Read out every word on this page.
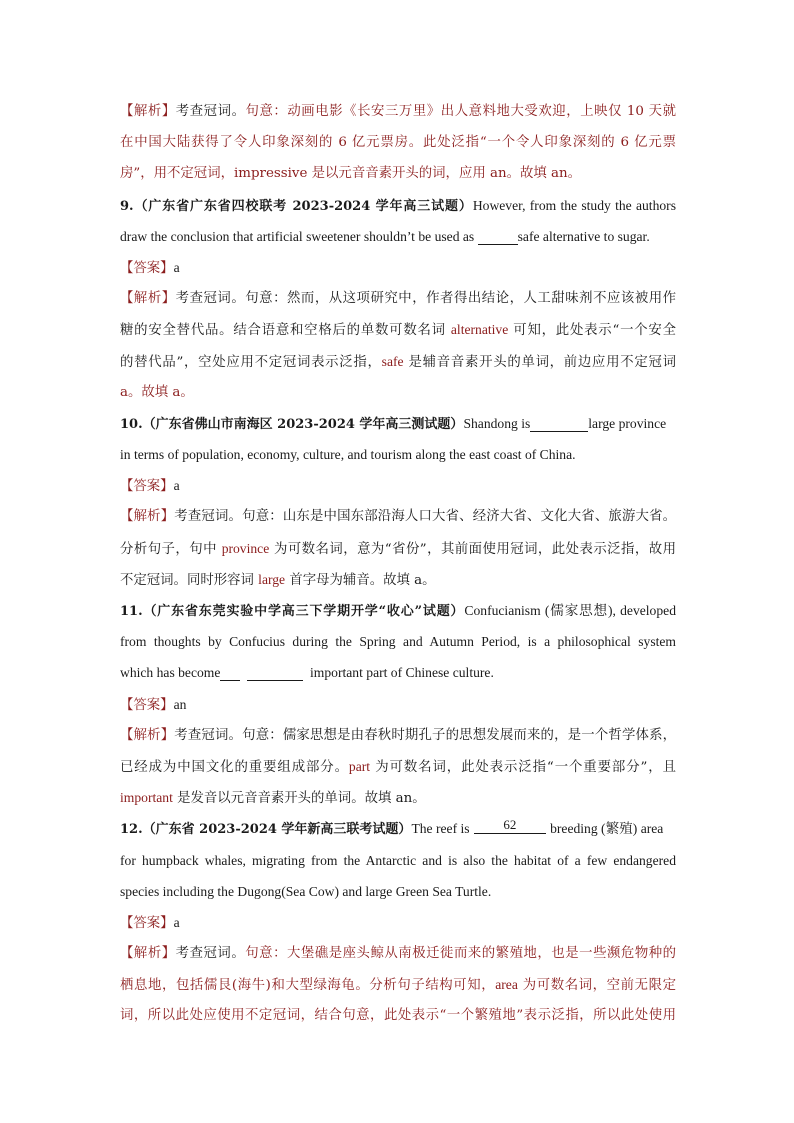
【解析】考查冠词。句意：动画电影《长安三万里》出人意料地大受欢迎，上映仅 10 天就
在中国大陆获得了令人印象深刻的 6 亿元票房。此处泛指“一个令人印象深刻的 6 亿元票
房”，用不定冠词，impressive 是以元音音素开头的词，应用 an。故填 an。
9.（广东省广东省四校联考 2023-2024 学年高三试题）However, from the study the authors
draw the conclusion that artificial sweetener shouldn’t be used as	safe alternative to sugar.
【答案】a
【解析】考查冠词。句意：然而，从这项研究中，作者得出结论，人工甜味剂不应该被用作
糖的安全替代品。结合语意和空格后的单数可数名词 alternative 可知，此处表示“一个安全
的替代品”，空处应用不定冠词表示泛指，safe 是辅音音素开头的单词，前边应用不定冠词
a。故填 a。
10.（广东省佛山市南海区 2023-2024 学年高三测试题）Shandong is	large province
in terms of population, economy, culture, and tourism along the east coast of China.
【答案】a
【解析】考查冠词。句意：山东是中国东部沿海人口大省、经济大省、文化大省、旅游大省。
分析句子，句中 province 为可数名词，意为“省份”，其前面使用冠词，此处表示泛指，故用
不定冠词。同时形容词 large 首字母为辅音。故填 a。
11.（广东省东莞实验中学高三下学期开学“收心”试题）Confucianism (儒家思想), developed
from thoughts by Confucius during the Spring and Autumn Period, is a philosophical system
which has become	important part of Chinese culture.
【答案】an
【解析】考查冠词。句意：儒家思想是由春秋时期孔子的思想发展而来的，是一个哲学体系，
已经成为中国文化的重要组成部分。part 为可数名词，此处表示泛指“一个重要部分”，且
important 是发音以元音音素开头的单词。故填 an。
12.（广东省 2023-2024 学年新高三联考试题）The reef is	62 breeding (繁殖) area
for humpback whales, migrating from the Antarctic and is also the habitat of a few endangered
species including the Dugong(Sea Cow) and large Green Sea Turtle.
【答案】a
【解析】考查冠词。句意：大堡礁是座头鲸从南极迁徙而来的繁殖地，也是一些濒危物种的
栖息地，包括儒艮(海牛)和大型绿海龟。分析句子结构可知，area 为可数名词，空前无限定
词，所以此处应使用不定冠词，结合句意，此处表示“一个繁殖地”表示泛指，所以此处使用
